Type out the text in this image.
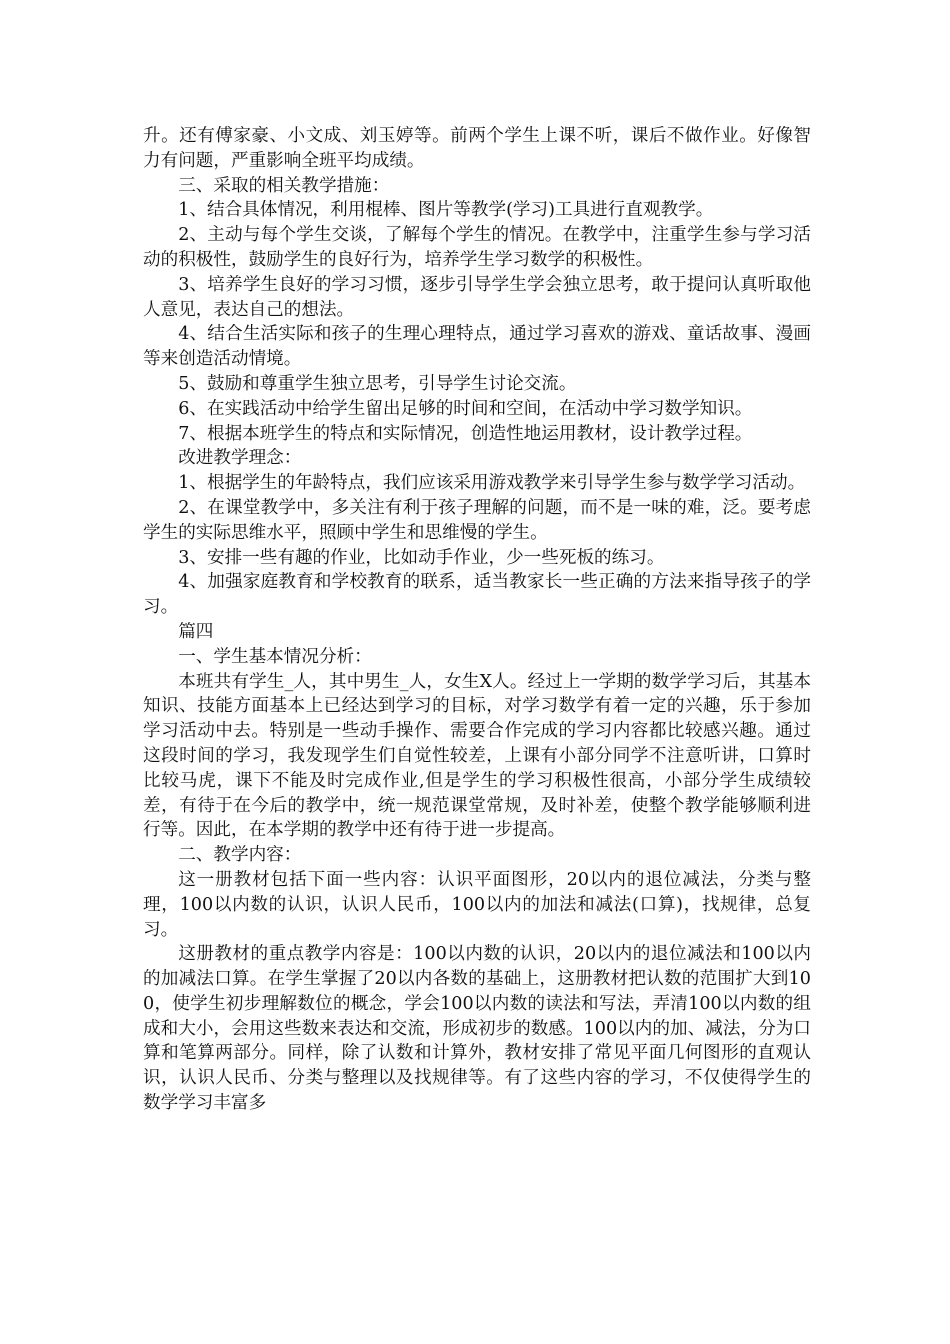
升。还有傅家豪、小文成、刘玉婷等。前两个学生上课不听，课后不做作业。好像智力有问题，严重影响全班平均成绩。

三、采取的相关教学措施：

1、结合具体情况，利用棍棒、图片等教学(学习)工具进行直观教学。

2、主动与每个学生交谈，了解每个学生的情况。在教学中，注重学生参与学习活动的积极性，鼓励学生的良好行为，培养学生学习数学的积极性。

3、培养学生良好的学习习惯，逐步引导学生学会独立思考，敢于提问认真听取他人意见，表达自己的想法。

4、结合生活实际和孩子的生理心理特点，通过学习喜欢的游戏、童话故事、漫画等来创造活动情境。

5、鼓励和尊重学生独立思考，引导学生讨论交流。

6、在实践活动中给学生留出足够的时间和空间，在活动中学习数学知识。

7、根据本班学生的特点和实际情况，创造性地运用教材，设计教学过程。

改进教学理念：

1、根据学生的年龄特点，我们应该采用游戏教学来引导学生参与数学学习活动。

2、在课堂教学中，多关注有利于孩子理解的问题，而不是一味的难，泛。要考虑学生的实际思维水平，照顾中学生和思维慢的学生。

3、安排一些有趣的作业，比如动手作业，少一些死板的练习。

4、加强家庭教育和学校教育的联系，适当教家长一些正确的方法来指导孩子的学习。

篇四

一、学生基本情况分析：

本班共有学生_人，其中男生_人，女生X人。经过上一学期的数学学习后，其基本知识、技能方面基本上已经达到学习的目标，对学习数学有着一定的兴趣，乐于参加学习活动中去。特别是一些动手操作、需要合作完成的学习内容都比较感兴趣。通过这段时间的学习，我发现学生们自觉性较差，上课有小部分同学不注意听讲，口算时比较马虎，课下不能及时完成作业,但是学生的学习积极性很高，小部分学生成绩较差，有待于在今后的教学中，统一规范课堂常规，及时补差，使整个教学能够顺利进行等。因此，在本学期的教学中还有待于进一步提高。

二、教学内容：

这一册教材包括下面一些内容：认识平面图形，20以内的退位减法，分类与整理，100以内数的认识，认识人民币，100以内的加法和减法(口算)，找规律，总复习。

这册教材的重点教学内容是：100以内数的认识，20以内的退位减法和100以内的加减法口算。在学生掌握了20以内各数的基础上，这册教材把认数的范围扩大到100，使学生初步理解数位的概念，学会100以内数的读法和写法，弄清100以内数的组成和大小，会用这些数来表达和交流，形成初步的数感。100以内的加、减法，分为口算和笔算两部分。同样，除了认数和计算外，教材安排了常见平面几何图形的直观认识，认识人民币、分类与整理以及找规律等。有了这些内容的学习，不仅使得学生的数学学习丰富多
